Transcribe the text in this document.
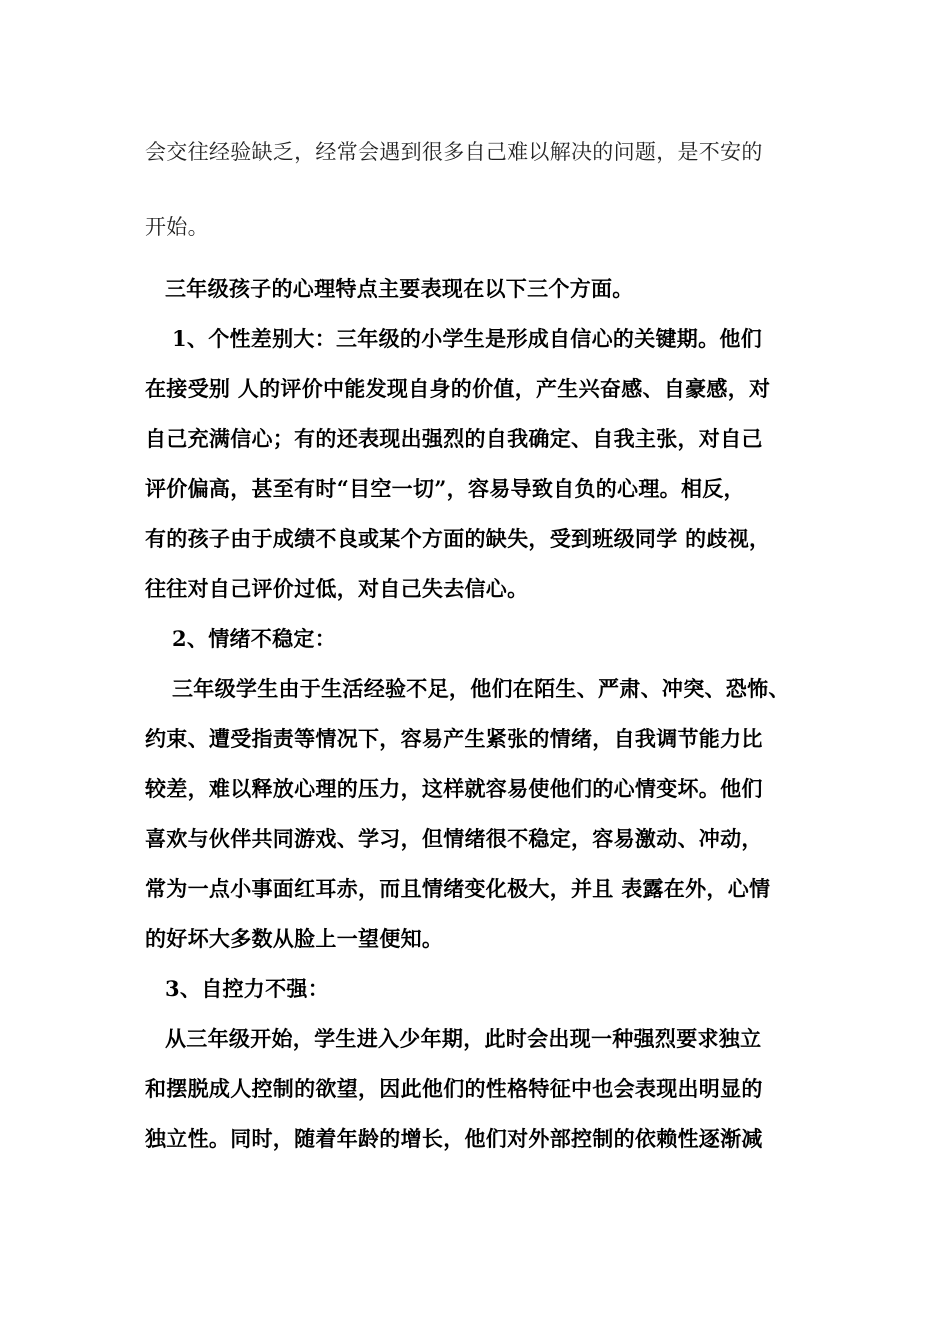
会交往经验缺乏，经常会遇到很多自己难以解决的问题，是不安的
开始。
三年级孩子的心理特点主要表现在以下三个方面。
1、个性差别大：三年级的小学生是形成自信心的关键期。他们
在接受别 人的评价中能发现自身的价值，产生兴奋感、自豪感，对
自己充满信心；有的还表现出强烈的自我确定、自我主张，对自己
评价偏高，甚至有时“目空一切”，容易导致自负的心理。相反，
有的孩子由于成绩不良或某个方面的缺失，受到班级同学 的歧视，
往往对自己评价过低，对自己失去信心。
2、情绪不稳定：
三年级学生由于生活经验不足，他们在陌生、严肃、冲突、恐怖、
约束、遭受指责等情况下，容易产生紧张的情绪，自我调节能力比
较差，难以释放心理的压力，这样就容易使他们的心情变坏。他们
喜欢与伙伴共同游戏、学习，但情绪很不稳定，容易激动、冲动，
常为一点小事面红耳赤，而且情绪变化极大，并且 表露在外，心情
的好坏大多数从脸上一望便知。
3、自控力不强：
从三年级开始，学生进入少年期，此时会出现一种强烈要求独立
和摆脱成人控制的欲望，因此他们的性格特征中也会表现出明显的
独立性。同时，随着年龄的增长，他们对外部控制的依赖性逐渐减
